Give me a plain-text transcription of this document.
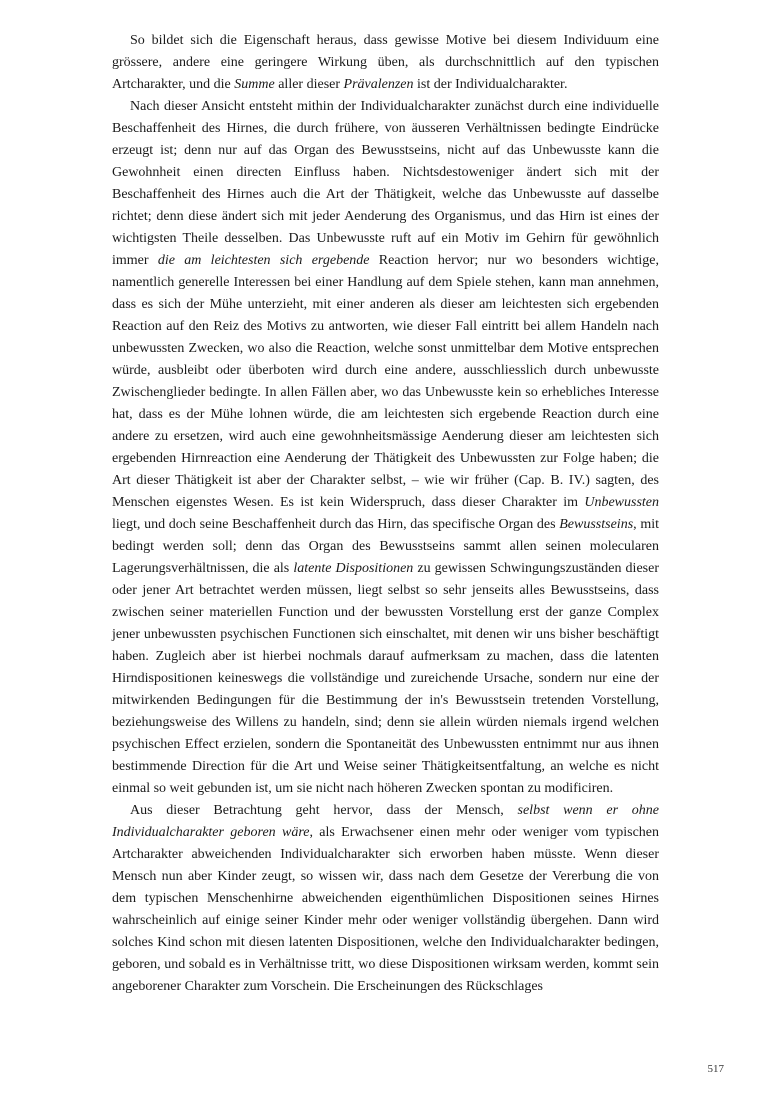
So bildet sich die Eigenschaft heraus, dass gewisse Motive bei diesem Individuum eine grössere, andere eine geringere Wirkung üben, als durchschnittlich auf den typischen Artcharakter, und die Summe aller dieser Prävalenzen ist der Individualcharakter.

Nach dieser Ansicht entsteht mithin der Individualcharakter zunächst durch eine individuelle Beschaffenheit des Hirnes, die durch frühere, von äusseren Verhältnissen bedingte Eindrücke erzeugt ist; denn nur auf das Organ des Bewusstseins, nicht auf das Unbewusste kann die Gewohnheit einen directen Einfluss haben. Nichtsdestoweniger ändert sich mit der Beschaffenheit des Hirnes auch die Art der Thätigkeit, welche das Unbewusste auf dasselbe richtet; denn diese ändert sich mit jeder Aenderung des Organismus, und das Hirn ist eines der wichtigsten Theile desselben. Das Unbewusste ruft auf ein Motiv im Gehirn für gewöhnlich immer die am leichtesten sich ergebende Reaction hervor; nur wo besonders wichtige, namentlich generelle Interessen bei einer Handlung auf dem Spiele stehen, kann man annehmen, dass es sich der Mühe unterzieht, mit einer anderen als dieser am leichtesten sich ergebenden Reaction auf den Reiz des Motivs zu antworten, wie dieser Fall eintritt bei allem Handeln nach unbewussten Zwecken, wo also die Reaction, welche sonst unmittelbar dem Motive entsprechen würde, ausbleibt oder überboten wird durch eine andere, ausschliesslich durch unbewusste Zwischenglieder bedingte. In allen Fällen aber, wo das Unbewusste kein so erhebliches Interesse hat, dass es der Mühe lohnen würde, die am leichtesten sich ergebende Reaction durch eine andere zu ersetzen, wird auch eine gewohnheitsmässige Aenderung dieser am leichtesten sich ergebenden Hirnreaction eine Aenderung der Thätigkeit des Unbewussten zur Folge haben; die Art dieser Thätigkeit ist aber der Charakter selbst, – wie wir früher (Cap. B. IV.) sagten, des Menschen eigenstes Wesen. Es ist kein Widerspruch, dass dieser Charakter im Unbewussten liegt, und doch seine Beschaffenheit durch das Hirn, das specifische Organ des Bewusstseins, mit bedingt werden soll; denn das Organ des Bewusstseins sammt allen seinen molecularen Lagerungsverhältnissen, die als latente Dispositionen zu gewissen Schwingungszuständen dieser oder jener Art betrachtet werden müssen, liegt selbst so sehr jenseits alles Bewusstseins, dass zwischen seiner materiellen Function und der bewussten Vorstellung erst der ganze Complex jener unbewussten psychischen Functionen sich einschaltet, mit denen wir uns bisher beschäftigt haben. Zugleich aber ist hierbei nochmals darauf aufmerksam zu machen, dass die latenten Hirndispositionen keineswegs die vollständige und zureichende Ursache, sondern nur eine der mitwirkenden Bedingungen für die Bestimmung der in's Bewusstsein tretenden Vorstellung, beziehungsweise des Willens zu handeln, sind; denn sie allein würden niemals irgend welchen psychischen Effect erzielen, sondern die Spontaneität des Unbewussten entnimmt nur aus ihnen bestimmende Direction für die Art und Weise seiner Thätigkeitsentfaltung, an welche es nicht einmal so weit gebunden ist, um sie nicht nach höheren Zwecken spontan zu modificiren.

Aus dieser Betrachtung geht hervor, dass der Mensch, selbst wenn er ohne Individualcharakter geboren wäre, als Erwachsener einen mehr oder weniger vom typischen Artcharakter abweichenden Individualcharakter sich erworben haben müsste. Wenn dieser Mensch nun aber Kinder zeugt, so wissen wir, dass nach dem Gesetze der Vererbung die von dem typischen Menschenhirne abweichenden eigenthümlichen Dispositionen seines Hirnes wahrscheinlich auf einige seiner Kinder mehr oder weniger vollständig übergehen. Dann wird solches Kind schon mit diesen latenten Dispositionen, welche den Individualcharakter bedingen, geboren, und sobald es in Verhältnisse tritt, wo diese Dispositionen wirksam werden, kommt sein angeborener Charakter zum Vorschein. Die Erscheinungen des Rückschlages

517
